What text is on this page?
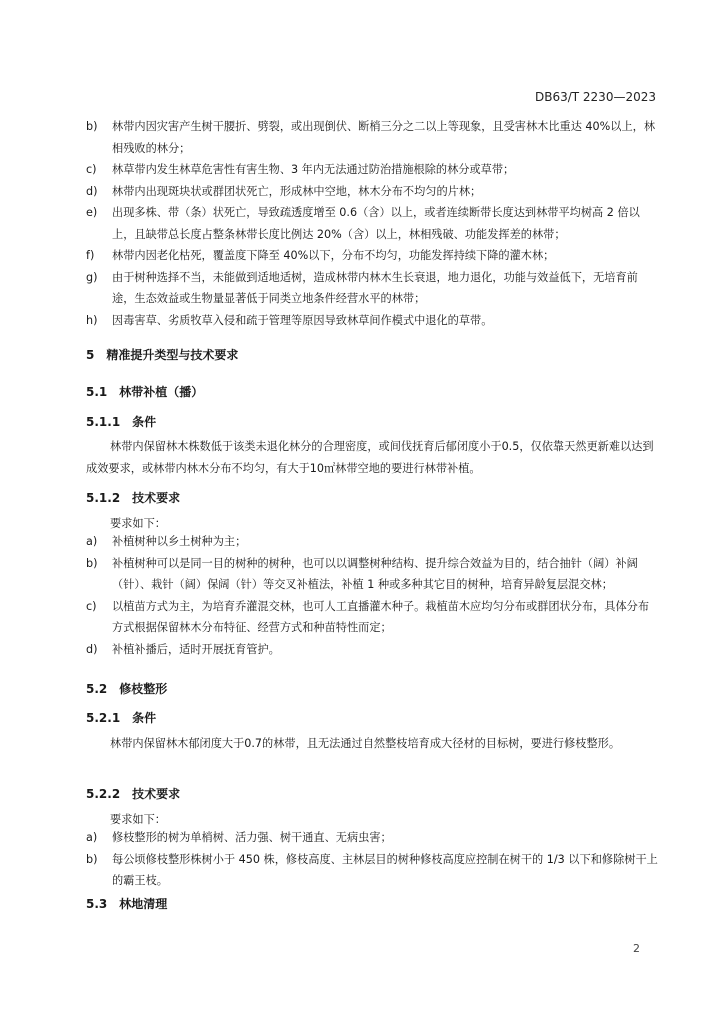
DB63/T 2230—2023
b) 林带内因灾害产生树干腰折、劈裂，或出现倒伏、断梢三分之二以上等现象，且受害林木比重达 40%以上，林相残败的林分；
c) 林草带内发生林草危害性有害生物、3 年内无法通过防治措施根除的林分或草带；
d) 林带内出现斑块状或群团状死亡，形成林中空地，林木分布不均匀的片林；
e) 出现多株、带（条）状死亡，导致疏透度增至 0.6（含）以上，或者连续断带长度达到林带平均树高 2 倍以上，且缺带总长度占整条林带长度比例达 20%（含）以上，林相残破、功能发挥差的林带；
f) 林带内因老化枯死，覆盖度下降至 40%以下，分布不均匀，功能发挥持续下降的灌木林；
g) 由于树种选择不当，未能做到适地适树，造成林带内林木生长衰退，地力退化，功能与效益低下，无培育前途，生态效益或生物量显著低于同类立地条件经营水平的林带；
h) 因毒害草、劣质牧草入侵和疏于管理等原因导致林草间作模式中退化的草带。
5　精准提升类型与技术要求
5.1　林带补植（播）
5.1.1　条件
林带内保留林木株数低于该类未退化林分的合理密度，或间伐抚育后郁闭度小于0.5，仅依靠天然更新难以达到成效要求，或林带内林木分布不均匀，有大于10㎡林带空地的要进行林带补植。
5.1.2　技术要求
要求如下：
a) 补植树种以乡土树种为主；
b) 补植树种可以是同一目的树种的树种，也可以以调整树种结构、提升综合效益为目的，结合抽针（阔）补阔（针）、栽针（阔）保阔（针）等交叉补植法，补植 1 种或多种其它目的树种，培育异龄复层混交林；
c) 以植苗方式为主，为培育乔灌混交林，也可人工直播灌木种子。栽植苗木应均匀分布或群团状分布，具体分布方式根据保留林木分布特征、经营方式和种苗特性而定；
d) 补植补播后，适时开展抚育管护。
5.2　修枝整形
5.2.1　条件
林带内保留林木郁闭度大于0.7的林带，且无法通过自然整枝培育成大径材的目标树，要进行修枝整形。
5.2.2　技术要求
要求如下：
a) 修枝整形的树为单梢树、活力强、树干通直、无病虫害；
b) 每公顷修枝整形株树小于 450 株，修枝高度、主林层目的树种修枝高度应控制在树干的 1/3 以下和修除树干上的霸王枝。
5.3　林地清理
2
